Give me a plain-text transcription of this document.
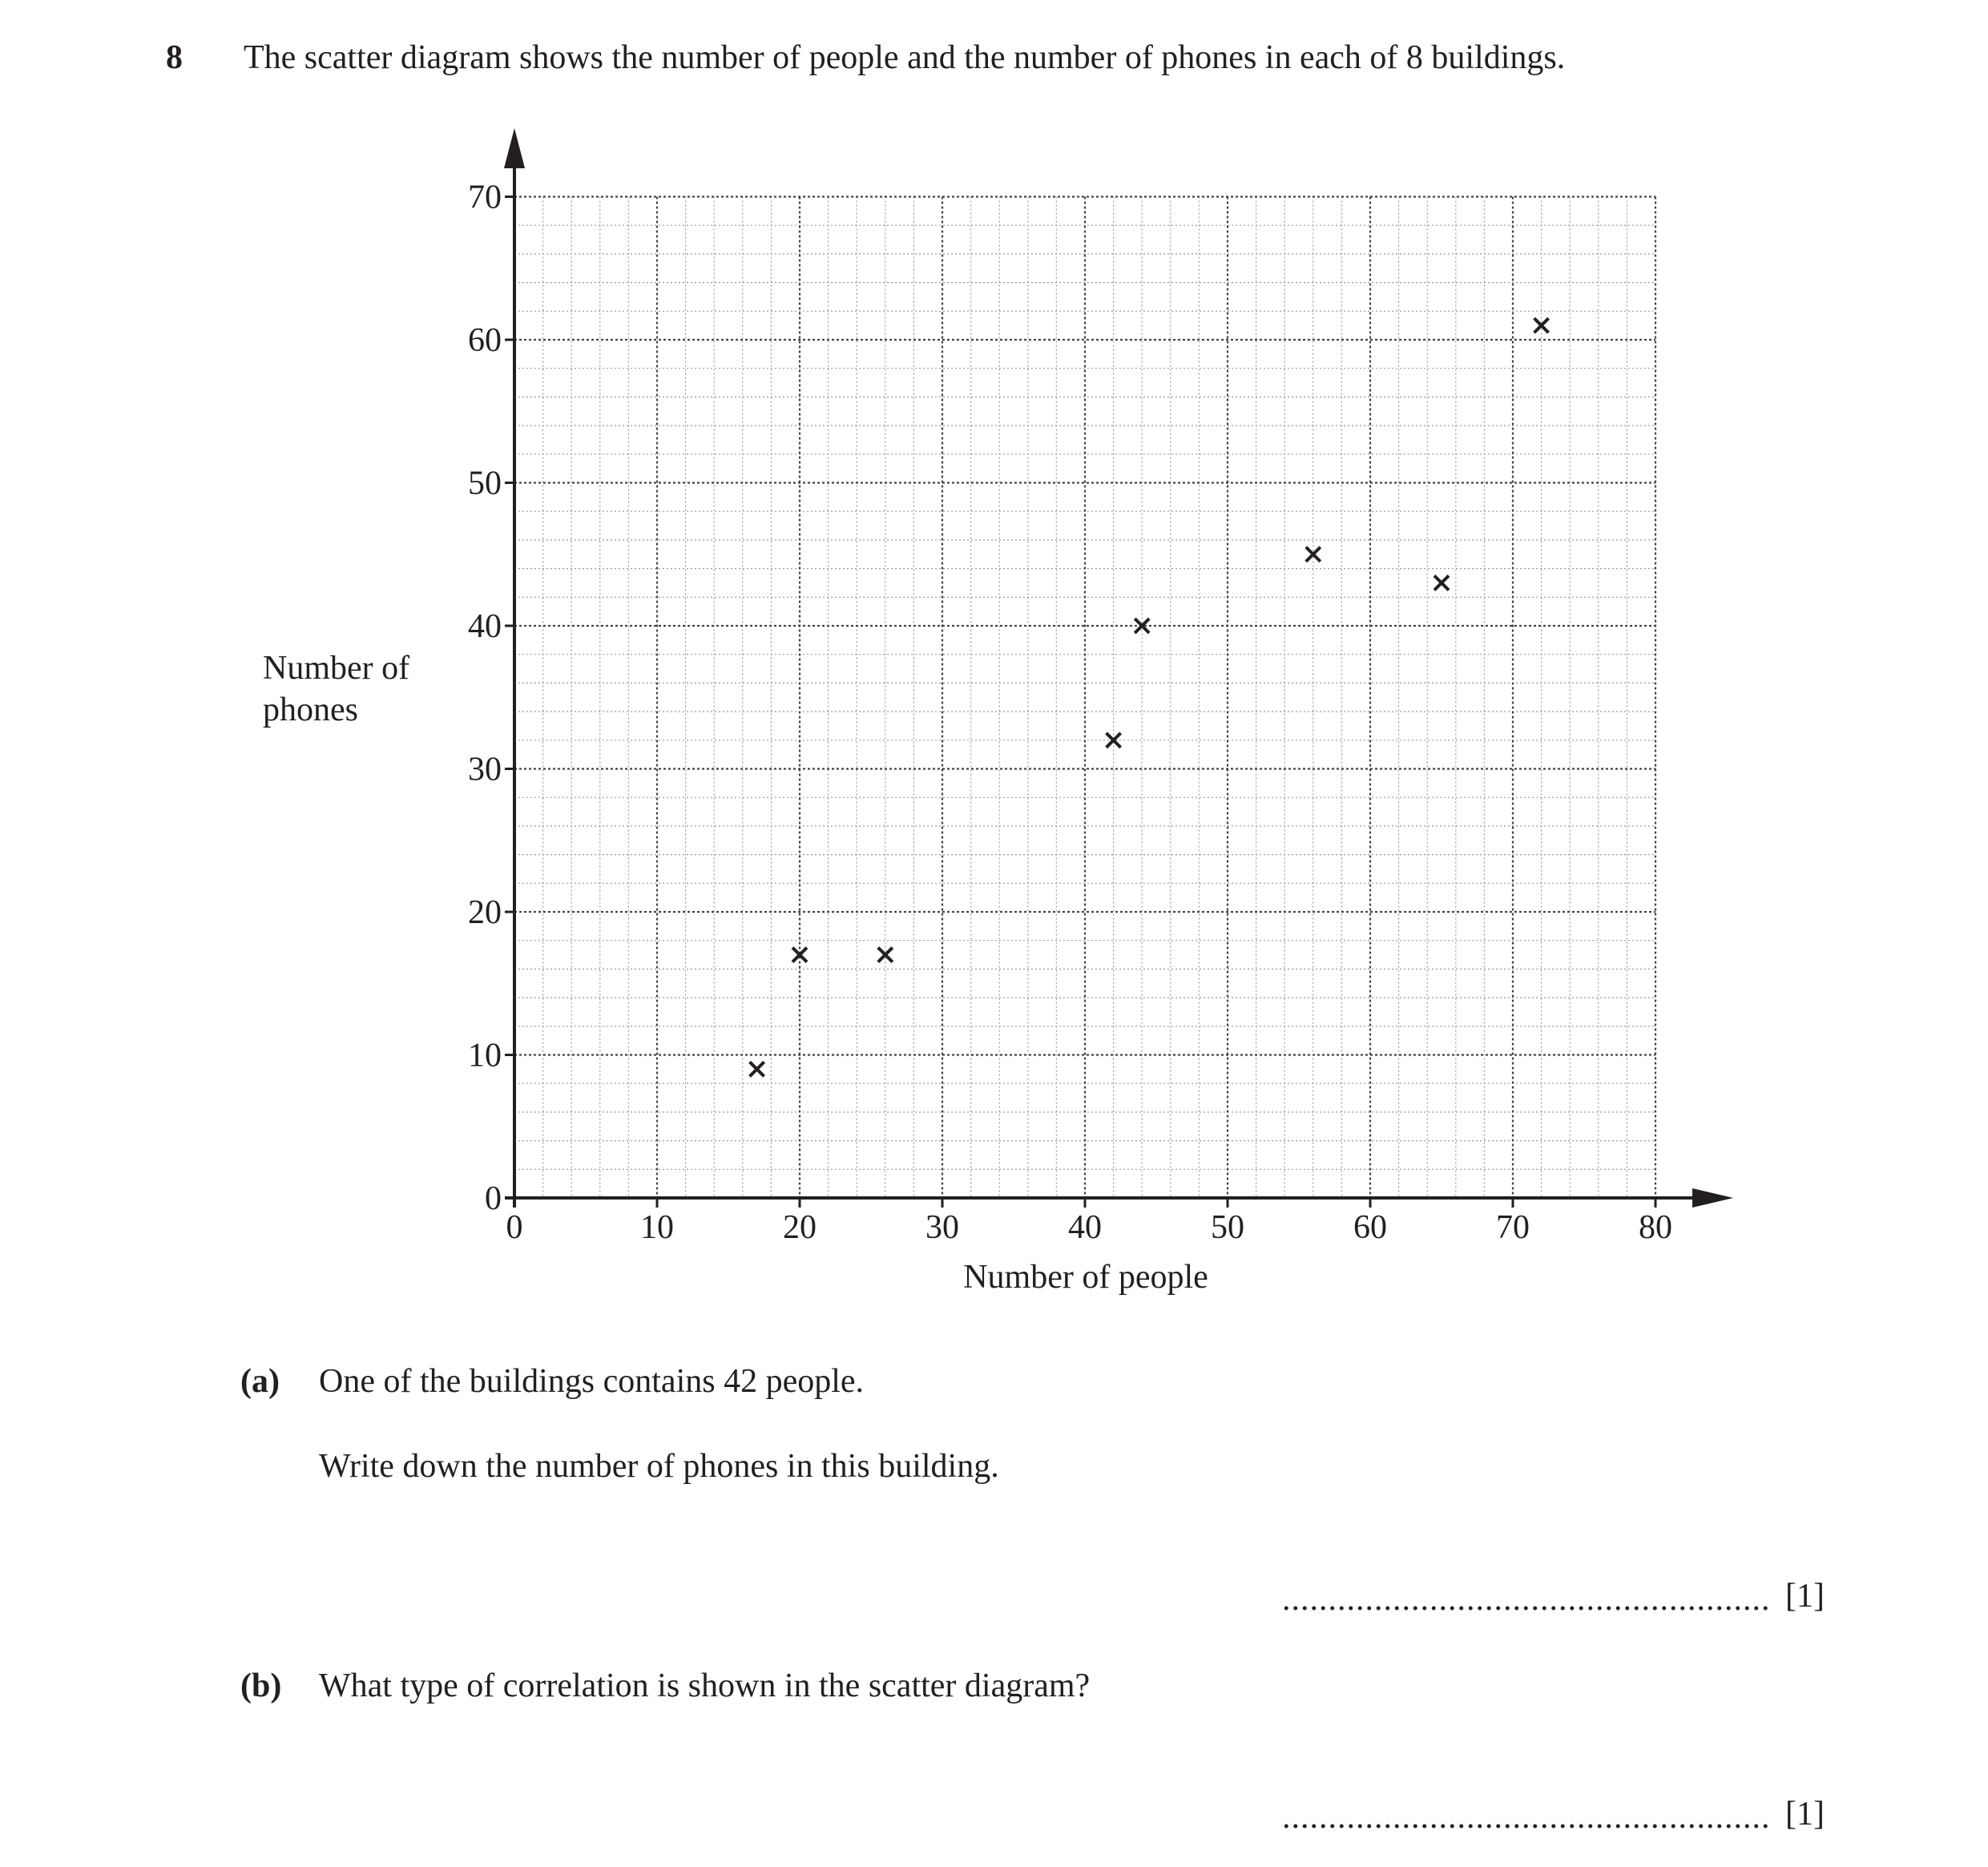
8 The scatter diagram shows the number of people and the number of phones in each of 8 buildings.
Number of
phones
0	10	20	30	40	50	60	70	80
0
10
20
30
40
50
60
70
Number of people
(a) One of the buildings contains 42 people.
Write down the number of phones in this building.
..................................................... [1]
(b) What type of correlation is shown in the scatter diagram?
..................................................... [1]
